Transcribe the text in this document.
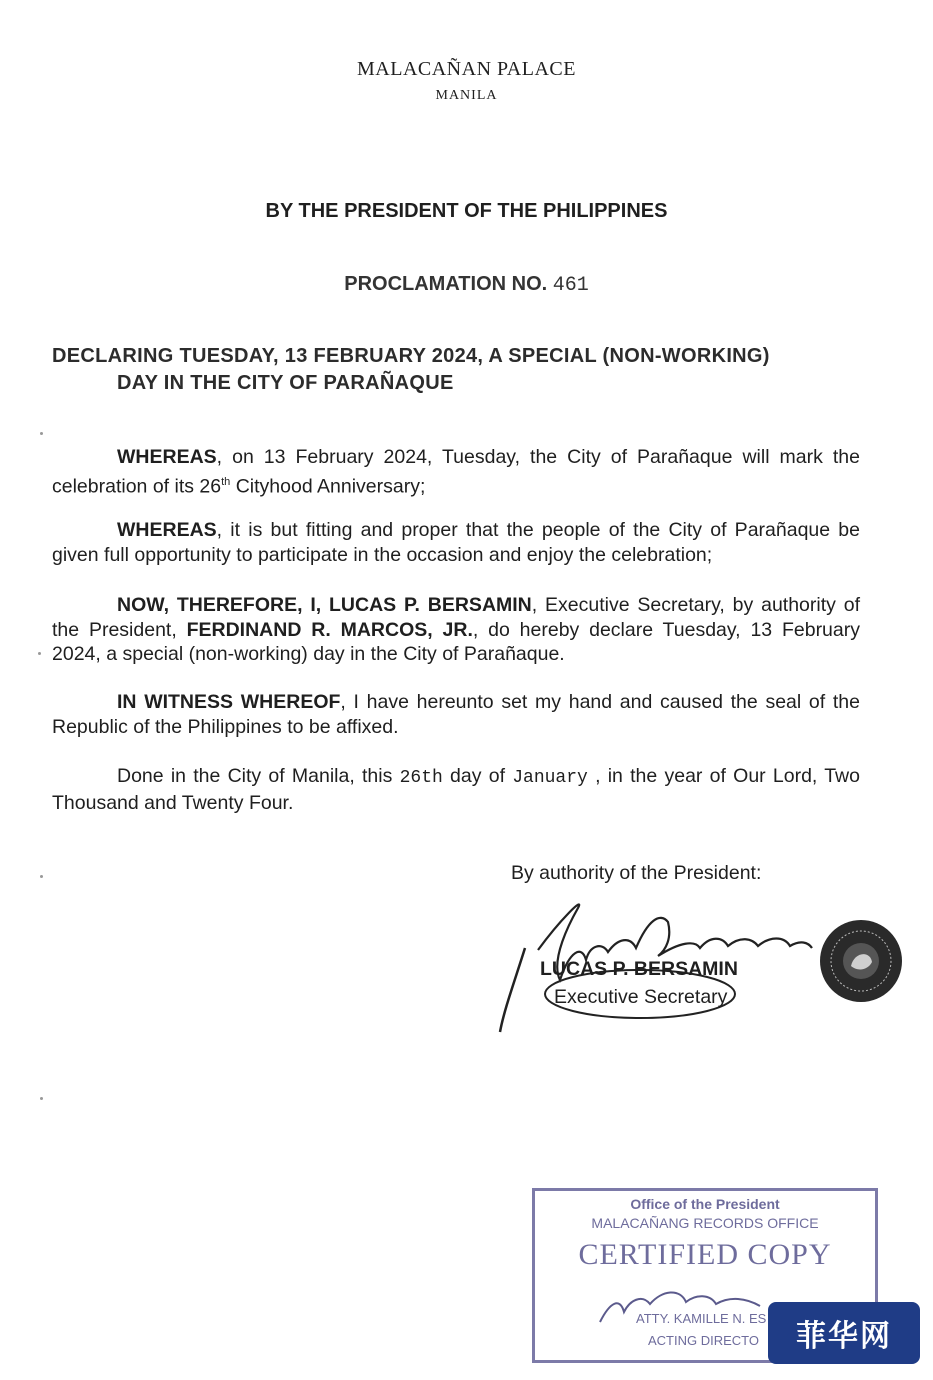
MALACAÑAN PALACE
MANILA
BY THE PRESIDENT OF THE PHILIPPINES
PROCLAMATION NO. 461
DECLARING TUESDAY, 13 FEBRUARY 2024, A SPECIAL (NON-WORKING)
DAY IN THE CITY OF PARAÑAQUE
WHEREAS, on 13 February 2024, Tuesday, the City of Parañaque will mark the celebration of its 26th Cityhood Anniversary;
WHEREAS, it is but fitting and proper that the people of the City of Parañaque be given full opportunity to participate in the occasion and enjoy the celebration;
NOW, THEREFORE, I, LUCAS P. BERSAMIN, Executive Secretary, by authority of the President, FERDINAND R. MARCOS, JR., do hereby declare Tuesday, 13 February 2024, a special (non-working) day in the City of Parañaque.
IN WITNESS WHEREOF, I have hereunto set my hand and caused the seal of the Republic of the Philippines to be affixed.
Done in the City of Manila, this 26th day of January , in the year of Our Lord, Two Thousand and Twenty Four.
By authority of the President:
LUCAS P. BERSAMIN
Executive Secretary
Office of the President
MALACAÑANG RECORDS OFFICE
CERTIFIED COPY
ATTY. KAMILLE N. ES
ACTING DIRECTO 菲华网
